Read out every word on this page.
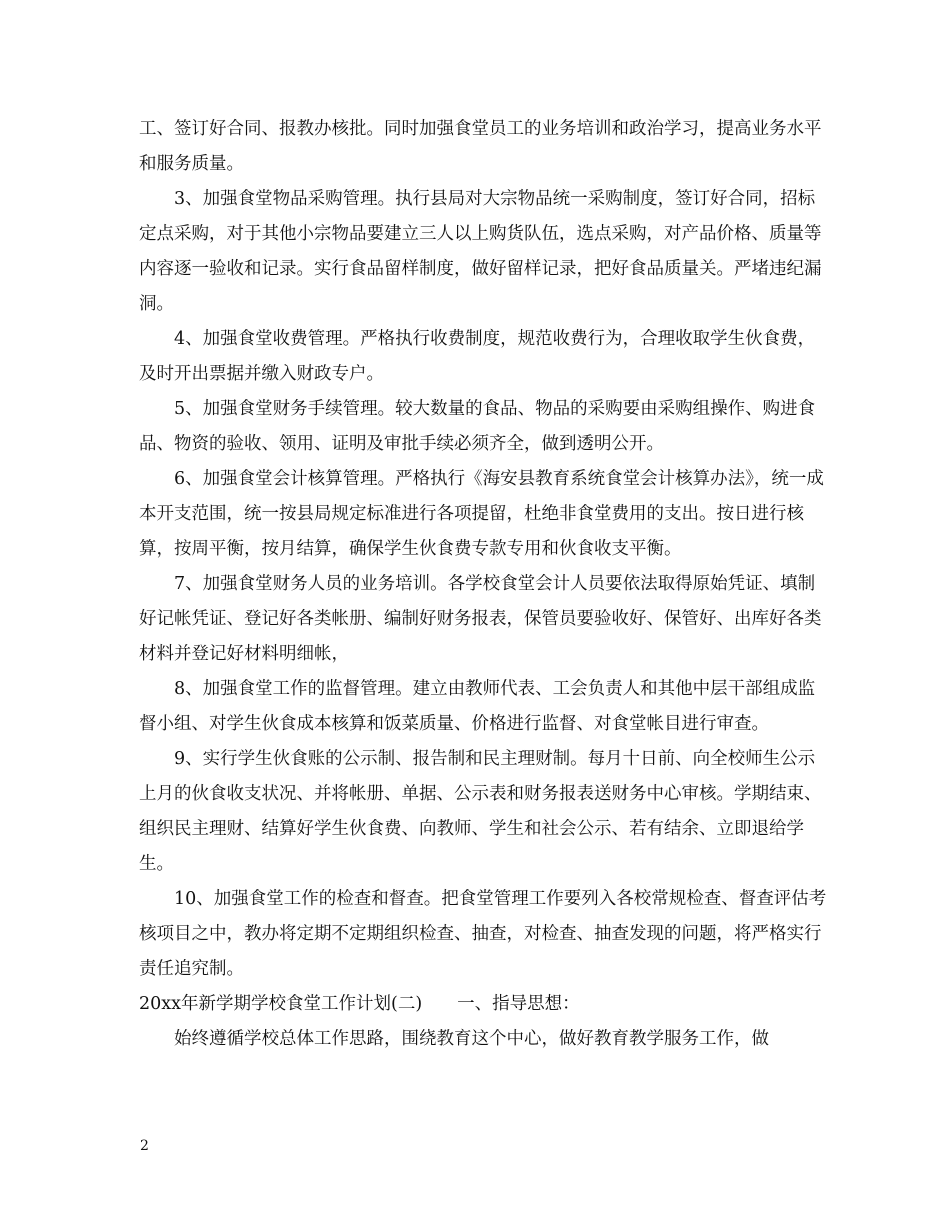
工、签订好合同、报教办核批。同时加强食堂员工的业务培训和政治学习，提高业务水平和服务质量。

3、加强食堂物品采购管理。执行县局对大宗物品统一采购制度，签订好合同，招标定点采购，对于其他小宗物品要建立三人以上购货队伍，选点采购，对产品价格、质量等内容逐一验收和记录。实行食品留样制度，做好留样记录，把好食品质量关。严堵违纪漏洞。

4、加强食堂收费管理。严格执行收费制度，规范收费行为，合理收取学生伙食费，及时开出票据并缴入财政专户。

5、加强食堂财务手续管理。较大数量的食品、物品的采购要由采购组操作、购进食品、物资的验收、领用、证明及审批手续必须齐全，做到透明公开。

6、加强食堂会计核算管理。严格执行《海安县教育系统食堂会计核算办法》，统一成本开支范围，统一按县局规定标准进行各项提留，杜绝非食堂费用的支出。按日进行核算，按周平衡，按月结算，确保学生伙食费专款专用和伙食收支平衡。

7、加强食堂财务人员的业务培训。各学校食堂会计人员要依法取得原始凭证、填制好记帐凭证、登记好各类帐册、编制好财务报表，保管员要验收好、保管好、出库好各类材料并登记好材料明细帐，

8、加强食堂工作的监督管理。建立由教师代表、工会负责人和其他中层干部组成监督小组、对学生伙食成本核算和饭菜质量、价格进行监督、对食堂帐目进行审查。

9、实行学生伙食账的公示制、报告制和民主理财制。每月十日前、向全校师生公示上月的伙食收支状况、并将帐册、单据、公示表和财务报表送财务中心审核。学期结束、组织民主理财、结算好学生伙食费、向教师、学生和社会公示、若有结余、立即退给学生。

10、加强食堂工作的检查和督查。把食堂管理工作要列入各校常规检查、督查评估考核项目之中，教办将定期不定期组织检查、抽查，对检查、抽查发现的问题，将严格实行责任追究制。

20xx年新学期学校食堂工作计划(二)　　一、指导思想：

始终遵循学校总体工作思路，围绕教育这个中心，做好教育教学服务工作，做

2
